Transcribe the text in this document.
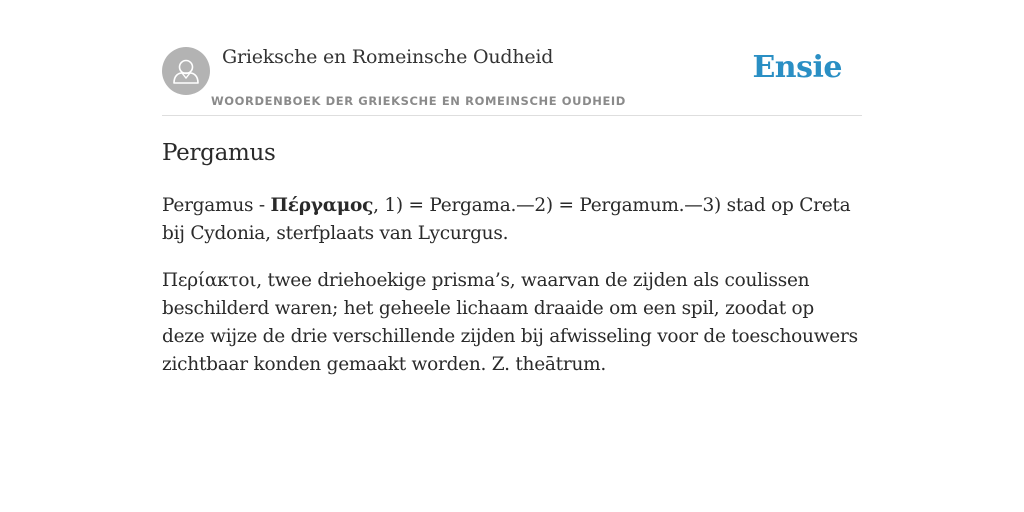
Grieksche en Romeinsche Oudheid
WOORDENBOEK DER GRIEKSCHE EN ROMEINSCHE OUDHEID
Ensie
Pergamus

Pergamus - Πέργαμος, 1) = Pergama.—2) = Pergamum.—3) stad op Creta bij Cydonia, sterfplaats van Lycurgus.

Περίακτοι, twee driehoekige prisma’s, waarvan de zijden als coulissen beschilderd waren; het geheele lichaam draaide om een spil, zoodat op deze wijze de drie verschillende zijden bij afwisseling voor de toeschouwers zichtbaar konden gemaakt worden. Z. theātrum.
